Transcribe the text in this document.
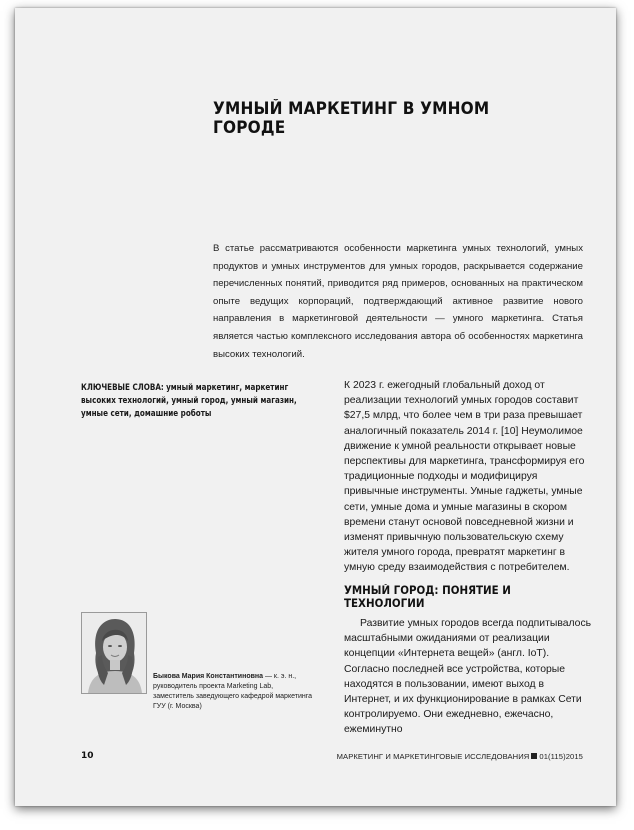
УМНЫЙ МАРКЕТИНГ В УМНОМ ГОРОДЕ
В статье рассматриваются особенности маркетинга умных технологий, умных продуктов и умных инструментов для умных городов, раскрывается содержание перечисленных понятий, приводится ряд примеров, основанных на практическом опыте ведущих корпораций, подтверждающий активное развитие нового направления в маркетинговой деятельности — умного маркетинга. Статья является частью комплексного исследования автора об особенностях маркетинга высоких технологий.
КЛЮЧЕВЫЕ СЛОВА: умный маркетинг, маркетинг высоких технологий, умный город, умный магазин, умные сети, домашние роботы

К 2023 г. ежегодный глобальный доход от реализации технологий умных городов составит $27,5 млрд, что более чем в три раза превышает аналогичный показатель 2014 г. [10] Неумолимое движение к умной реальности открывает новые перспективы для маркетинга, трансформируя его традиционные подходы и модифицируя привычные инструменты. Умные гаджеты, умные сети, умные дома и умные магазины в скором времени станут основой повседневной жизни и изменят привычную пользовательскую схему жителя умного города, превратят маркетинг в умную среду взаимодействия с потребителем.

УМНЫЙ ГОРОД: ПОНЯТИЕ И ТЕХНОЛОГИИ

Развитие умных городов всегда подпитывалось масштабными ожиданиями от реализации концепции «Интернета вещей» (англ. IoT). Согласно последней все устройства, которые находятся в пользовании, имеют выход в Интернет, и их функционирование в рамках Сети контролируемо. Они ежедневно, ежечасно, ежеминутно

Быкова Мария Константиновна — к. э. н., руководитель проекта Marketing Lab, заместитель заведующего кафедрой маркетинга ГУУ (г. Москва)
10	МАРКЕТИНГ И МАРКЕТИНГОВЫЕ ИССЛЕДОВАНИЯ 01(115)2015
